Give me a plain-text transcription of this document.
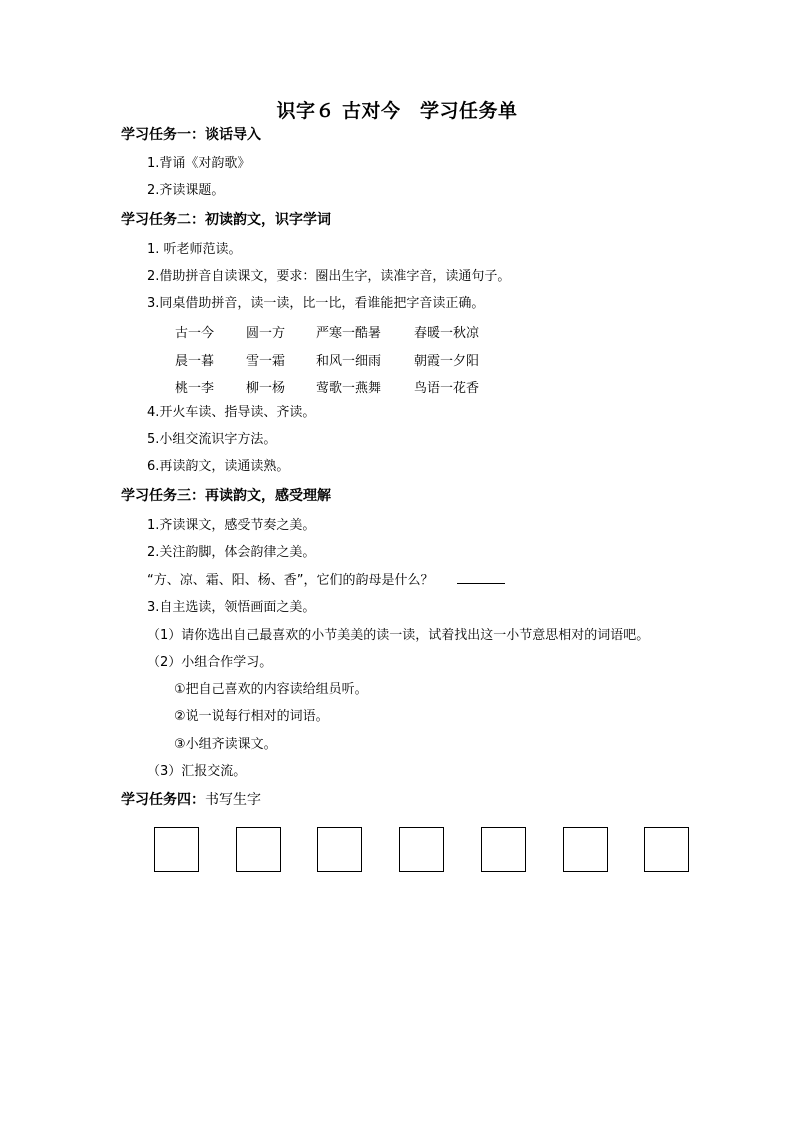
识字６ 古对今　学习任务单
学习任务一：谈话导入
1.背诵《对韵歌》
2.齐读课题。
学习任务二：初读韵文，识字学词
1. 听老师范读。
2.借助拼音自读课文，要求：圈出生字，读准字音，读通句子。
3.同桌借助拼音，读一读，比一比，看谁能把字音读正确。
古一今 圆一方 严寒一酷暑	春暖一秋凉
晨一暮 雪一霜 和风一细雨	朝霞一夕阳
桃一李 柳一杨 莺歌一燕舞	鸟语一花香
4.开火车读、指导读、齐读。
5.小组交流识字方法。
6.再读韵文，读通读熟。
学习任务三：再读韵文，感受理解
1.齐读课文，感受节奏之美。
2.关注韵脚，体会韵律之美。
“方、凉、霜、阳、杨、香”，它们的韵母是什么？
3.自主选读，领悟画面之美。
（1）请你选出自己最喜欢的小节美美的读一读，试着找出这一小节意思相对的词语吧。
（2）小组合作学习。
①把自己喜欢的内容读给组员听。
②说一说每行相对的词语。
③小组齐读课文。
（3）汇报交流。
学习任务四：书写生字
